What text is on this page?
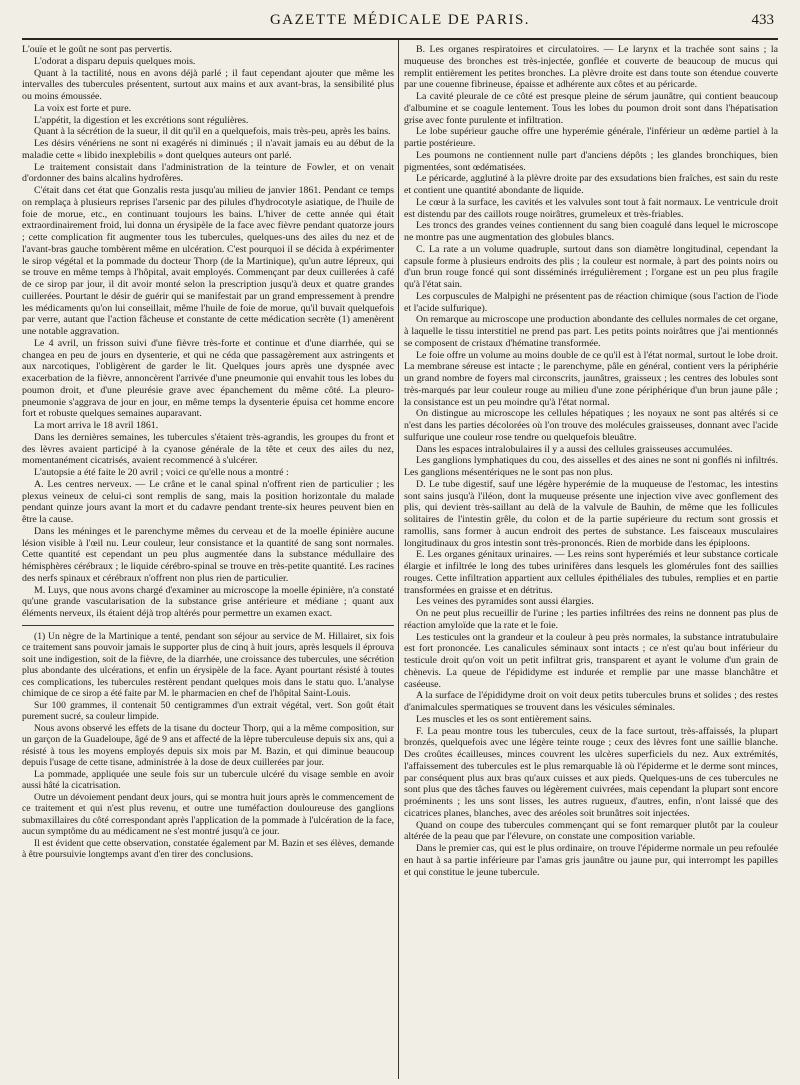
GAZETTE MÉDICALE DE PARIS.	433

L'ouïe et le goût ne sont pas pervertis.

L'odorat a disparu depuis quelques mois.

Quant à la tactilité, nous en avons déjà parlé ; il faut cependant ajouter que même les intervalles des tubercules présentent, surtout aux mains et aux avant-bras, la sensibilité plus ou moins émoussée.

La voix est forte et pure.

L'appétit, la digestion et les excrétions sont régulières.

Quant à la sécrétion de la sueur, il dit qu'il en a quelquefois, mais très-peu, après les bains.

Les désirs vénériens ne sont ni exagérés ni diminués ; il n'avait jamais eu au début de la maladie cette « libido inexplebilis » dont quelques auteurs ont parlé.

Le traitement consistait dans l'administration de la teinture de Fowler, et on venait d'ordonner des bains alcalins hydrofères.

C'était dans cet état que Gonzalis resta jusqu'au milieu de janvier 1861. Pendant ce temps on remplaça à plusieurs reprises l'arsenic par des pilules d'hydrocotyle asiatique, de l'huile de foie de morue, etc., en continuant toujours les bains. L'hiver de cette année qui était extraordinairement froid, lui donna un érysipèle de la face avec fièvre pendant quatorze jours ; cette complication fit augmenter tous les tubercules, quelques-uns des ailes du nez et de l'avant-bras gauche tombèrent même en ulcération. C'est pourquoi il se décida à expérimenter le sirop végétal et la pommade du docteur Thorp (de la Martinique), qu'un autre lépreux, qui se trouve en même temps à l'hôpital, avait employés. Commençant par deux cuillerées à café de ce sirop par jour, il dit avoir monté selon la prescription jusqu'à deux et quatre grandes cuillerées. Pourtant le désir de guérir qui se manifestait par un grand empressement à prendre les médicaments qu'on lui conseillait, même l'huile de foie de morue, qu'il buvait quelquefois par verre, autant que l'action fâcheuse et constante de cette médication secrète (1) amenèrent une notable aggravation.

Le 4 avril, un frisson suivi d'une fièvre très-forte et continue et d'une diarrhée, qui se changea en peu de jours en dysenterie, et qui ne céda que passagèrement aux astringents et aux narcotiques, l'obligèrent de garder le lit. Quelques jours après une dyspnée avec exacerbation de la fièvre, annoncèrent l'arrivée d'une pneumonie qui envahit tous les lobes du poumon droit, et d'une pleurésie grave avec épanchement du même côté. La pleuro-pneumonie s'aggrava de jour en jour, en même temps la dysenterie épuisa cet homme encore fort et robuste quelques semaines auparavant.

La mort arriva le 18 avril 1861.

Dans les dernières semaines, les tubercules s'étaient très-agrandis, les groupes du front et des lèvres avaient participé à la cyanose générale de la tête et ceux des ailes du nez, momentanément cicatrisés, avaient recommencé à s'ulcérer.

L'autopsie a été faite le 20 avril ; voici ce qu'elle nous a montré :

A. Les centres nerveux. — Le crâne et le canal spinal n'offrent rien de particulier ; les plexus veineux de celui-ci sont remplis de sang, mais la position horizontale du malade pendant quinze jours avant la mort et du cadavre pendant trente-six heures peuvent bien en être la cause.

Dans les méninges et le parenchyme mêmes du cerveau et de la moelle épinière aucune lésion visible à l'œil nu. Leur couleur, leur consistance et la quantité de sang sont normales. Cette quantité est cependant un peu plus augmentée dans la substance médullaire des hémisphères cérébraux ; le liquide cérébro-spinal se trouve en très-petite quantité. Les racines des nerfs spinaux et cérébraux n'offrent non plus rien de particulier.

M. Luys, que nous avons chargé d'examiner au microscope la moelle épinière, n'a constaté qu'une grande vascularisation de la substance grise antérieure et médiane ; quant aux éléments nerveux, ils étaient déjà trop altérés pour permettre un examen exact.

(1) Un nègre de la Martinique a tenté, pendant son séjour au service de M. Hillairet, six fois ce traitement sans pouvoir jamais le supporter plus de cinq à huit jours, après lesquels il éprouva soit une indigestion, soit de la fièvre, de la diarrhée, une croissance des tubercules, une sécrétion plus abondante des ulcérations, et enfin un érysipèle de la face. Ayant pourtant résisté à toutes ces complications, les tubercules restèrent pendant quelques mois dans le statu quo. L'analyse chimique de ce sirop a été faite par M. le pharmacien en chef de l'hôpital Saint-Louis.

Sur 100 grammes, il contenait 50 centigrammes d'un extrait végétal, vert. Son goût était purement sucré, sa couleur limpide.

Nous avons observé les effets de la tisane du docteur Thorp, qui a la même composition, sur un garçon de la Guadeloupe, âgé de 9 ans et affecté de la lèpre tuberculeuse depuis six ans, qui a résisté à tous les moyens employés depuis six mois par M. Bazin, et qui diminue beaucoup depuis l'usage de cette tisane, administrée à la dose de deux cuillerées par jour.

La pommade, appliquée une seule fois sur un tubercule ulcéré du visage semble en avoir aussi hâté la cicatrisation.

Outre un dévoiement pendant deux jours, qui se montra huit jours après le commencement de ce traitement et qui n'est plus revenu, et outre une tuméfaction douloureuse des ganglions submaxillaires du côté correspondant après l'application de la pommade à l'ulcération de la face, aucun symptôme du au médicament ne s'est montré jusqu'à ce jour.

Il est évident que cette observation, constatée également par M. Bazin et ses élèves, demande à être poursuivie longtemps avant d'en tirer des conclusions.

B. Les organes respiratoires et circulatoires. — Le larynx et la trachée sont sains ; la muqueuse des bronches est très-injectée, gonflée et couverte de beaucoup de mucus qui remplit entièrement les petites bronches. La plèvre droite est dans toute son étendue couverte par une couenne fibrineuse, épaisse et adhérente aux côtes et au péricarde.

La cavité pleurale de ce côté est presque pleine de sérum jaunâtre, qui contient beaucoup d'albumine et se coagule lentement. Tous les lobes du poumon droit sont dans l'hépatisation grise avec fonte purulente et infiltration.

Le lobe supérieur gauche offre une hyperémie générale, l'inférieur un œdème partiel à la partie postérieure.

Les poumons ne contiennent nulle part d'anciens dépôts ; les glandes bronchiques, bien pigmentées, sont œdématisées.

Le péricarde, agglutiné à la plèvre droite par des exsudations bien fraîches, est sain du reste et contient une quantité abondante de liquide.

Le cœur à la surface, les cavités et les valvules sont tout à fait normaux. Le ventricule droit est distendu par des caillots rouge noirâtres, grumeleux et très-friables.

Les troncs des grandes veines contiennent du sang bien coagulé dans lequel le microscope ne montre pas une augmentation des globules blancs.

C. La rate a un volume quadruple, surtout dans son diamètre longitudinal, cependant la capsule forme à plusieurs endroits des plis ; la couleur est normale, à part des points noirs ou d'un brun rouge foncé qui sont disséminés irrégulièrement ; l'organe est un peu plus fragile qu'à l'état sain.

Les corpuscules de Malpighi ne présentent pas de réaction chimique (sous l'action de l'iode et l'acide sulfurique).

On remarque au microscope une production abondante des cellules normales de cet organe, à laquelle le tissu interstitiel ne prend pas part. Les petits points noirâtres que j'ai mentionnés se composent de cristaux d'hématine transformée.

Le foie offre un volume au moins double de ce qu'il est à l'état normal, surtout le lobe droit. La membrane séreuse est intacte ; le parenchyme, pâle en général, contient vers la périphérie un grand nombre de foyers mal circonscrits, jaunâtres, graisseux ; les centres des lobules sont très-marqués par leur couleur rouge au milieu d'une zone périphérique d'un brun jaune pâle ; la consistance est un peu moindre qu'à l'état normal.

On distingue au microscope les cellules hépatiques ; les noyaux ne sont pas altérés si ce n'est dans les parties décolorées où l'on trouve des molécules graisseuses, donnant avec l'acide sulfurique une couleur rose tendre ou quelquefois bleuâtre.

Dans les espaces intralobulaires il y a aussi des cellules graisseuses accumulées.

Les ganglions lymphatiques du cou, des aisselles et des aines ne sont ni gonflés ni infiltrés. Les ganglions mésentériques ne le sont pas non plus.

D. Le tube digestif, sauf une légère hyperémie de la muqueuse de l'estomac, les intestins sont sains jusqu'à l'iléon, dont la muqueuse présente une injection vive avec gonflement des plis, qui devient très-saillant au delà de la valvule de Bauhin, de même que les follicules solitaires de l'intestin grêle, du colon et de la partie supérieure du rectum sont grossis et ramollis, sans former à aucun endroit des pertes de substance. Les faisceaux musculaires longitudinaux du gros intestin sont très-prononcés. Rien de morbide dans les épiploons.

E. Les organes génitaux urinaires. — Les reins sont hyperémiés et leur substance corticale élargie et infiltrée le long des tubes urinifères dans lesquels les glomérules font des saillies rouges. Cette infiltration appartient aux cellules épithéliales des tubules, remplies et en partie transformées en graisse et en détritus.

Les veines des pyramides sont aussi élargies.

On ne peut plus recueillir de l'urine ; les parties infiltrées des reins ne donnent pas plus de réaction amyloïde que la rate et le foie.

Les testicules ont la grandeur et la couleur à peu près normales, la substance intratubulaire est fort prononcée. Les canalicules séminaux sont intacts ; ce n'est qu'au bout inférieur du testicule droit qu'on voit un petit infiltrat gris, transparent et ayant le volume d'un grain de chènevis. La queue de l'épididyme est indurée et remplie par une masse blanchâtre et caséeuse.

A la surface de l'épididyme droit on voit deux petits tubercules bruns et solides ; des restes d'animalcules spermatiques se trouvent dans les vésicules séminales.

Les muscles et les os sont entièrement sains.

F. La peau montre tous les tubercules, ceux de la face surtout, très-affaissés, la plupart bronzés, quelquefois avec une légère teinte rouge ; ceux des lèvres font une saillie blanche. Des croûtes écailleuses, minces couvrent les ulcères superficiels du nez. Aux extrémités, l'affaissement des tubercules est le plus remarquable là où l'épiderme et le derme sont minces, par conséquent plus aux bras qu'aux cuisses et aux pieds. Quelques-uns de ces tubercules ne sont plus que des tâches fauves ou légèrement cuivrées, mais cependant la plupart sont encore proéminents ; les uns sont lisses, les autres rugueux, d'autres, enfin, n'ont laissé que des cicatrices planes, blanches, avec des aréoles soit brunâtres soit injectées.

Quand on coupe des tubercules commençant qui se font remarquer plutôt par la couleur altérée de la peau que par l'élevure, on constate une composition variable.

Dans le premier cas, qui est le plus ordinaire, on trouve l'épiderme normale un peu refoulée en haut à sa partie inférieure par l'amas gris jaunâtre ou jaune pur, qui interrompt les papilles et qui constitue le jeune tubercule.
